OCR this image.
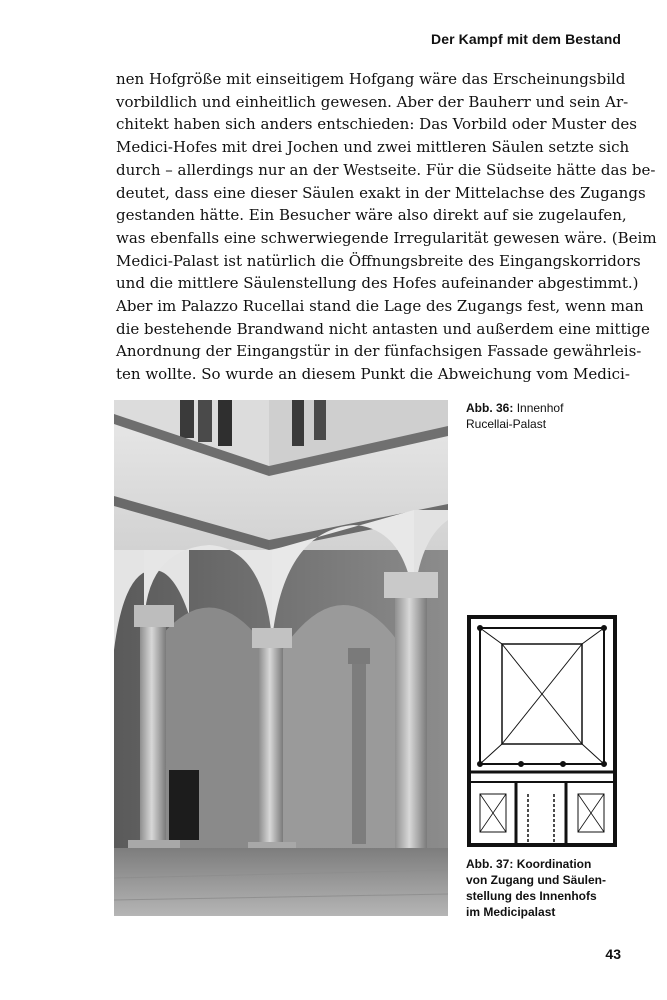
Der Kampf mit dem Bestand
nen Hofgröße mit einseitigem Hofgang wäre das Erscheinungsbild
vorbildlich und einheitlich gewesen. Aber der Bauherr und sein Ar-
chitekt haben sich anders entschieden: Das Vorbild oder Muster des
Medici-Hofes mit drei Jochen und zwei mittleren Säulen setzte sich
durch – allerdings nur an der Westseite. Für die Südseite hätte das be-
deutet, dass eine dieser Säulen exakt in der Mittelachse des Zugangs
gestanden hätte. Ein Besucher wäre also direkt auf sie zugelaufen,
was ebenfalls eine schwerwiegende Irregularität gewesen wäre. (Beim
Medici-Palast ist natürlich die Öffnungsbreite des Eingangskorridors
und die mittlere Säulenstellung des Hofes aufeinander abgestimmt.)
Aber im Palazzo Rucellai stand die Lage des Zugangs fest, wenn man
die bestehende Brandwand nicht antasten und außerdem eine mittige
Anordnung der Eingangstür in der fünfachsigen Fassade gewährleis-
ten wollte. So wurde an diesem Punkt die Abweichung vom Medici-
Abb. 36: Innenhof
Rucellai-Palast
Abb. 37: Koordination
von Zugang und Säulen-
stellung des Innenhofs
im Medicipalast
43
